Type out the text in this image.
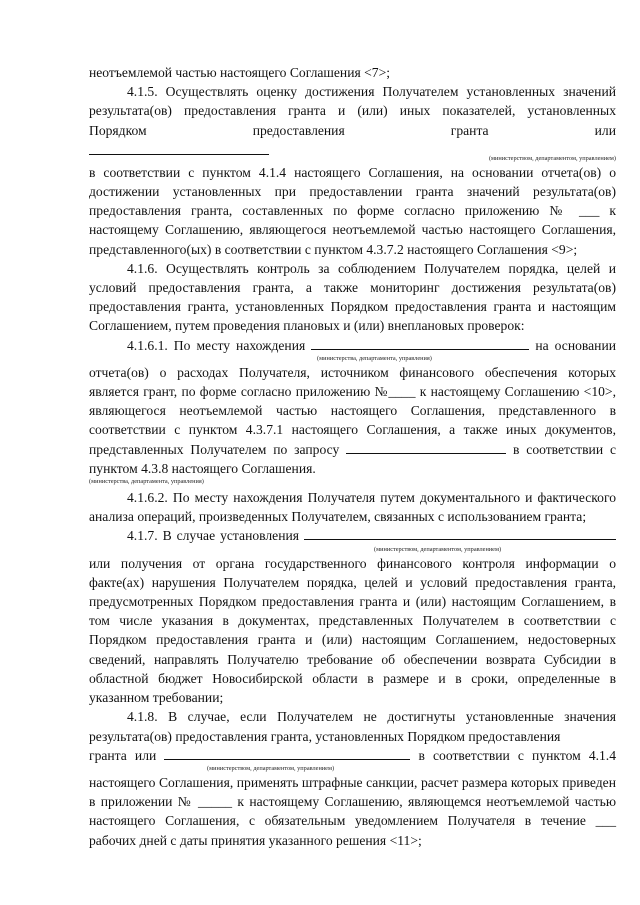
неотъемлемой частью настоящего Соглашения <7>;

4.1.5. Осуществлять оценку достижения Получателем установленных значений результата(ов) предоставления гранта и (или) иных показателей, установленных Порядком предоставления гранта или

(министерством, департаментом, управлением)

в соответствии с пунктом 4.1.4 настоящего Соглашения, на основании отчета(ов) о достижении установленных при предоставлении гранта значений результата(ов) предоставления гранта, составленных по форме согласно приложению № ___ к настоящему Соглашению, являющегося неотъемлемой частью настоящего Соглашения, представленного(ых) в соответствии с пунктом 4.3.7.2 настоящего Соглашения <9>;

4.1.6. Осуществлять контроль за соблюдением Получателем порядка, целей и условий предоставления гранта, а также мониторинг достижения результата(ов) предоставления гранта, установленных Порядком предоставления гранта и настоящим Соглашением, путем проведения плановых и (или) внеплановых проверок:

4.1.6.1. По месту нахождения	на основании

(министерства, департамента, управления)

отчета(ов) о расходах Получателя, источником финансового обеспечения которых является грант, по форме согласно приложению №____ к настоящему Соглашению <10>, являющегося неотъемлемой частью настоящего Соглашения, представленного в соответствии с пунктом 4.3.7.1 настоящего Соглашения, а также иных документов, представленных Получателем по запросу	в соответствии с пунктом 4.3.8 настоящего Соглашения.

(министерства, департамента, управления)

4.1.6.2. По месту нахождения Получателя путем документального и фактического анализа операций, произведенных Получателем, связанных с использованием гранта;

4.1.7. В случае установления

(министерством, департаментом, управлением)

или получения от органа государственного финансового контроля информации о факте(ах) нарушения Получателем порядка, целей и условий предоставления гранта, предусмотренных Порядком предоставления гранта и (или) настоящим Соглашением, в том числе указания в документах, представленных Получателем в соответствии с Порядком предоставления гранта и (или) настоящим Соглашением, недостоверных сведений, направлять Получателю требование об обеспечении возврата Субсидии в областной бюджет Новосибирской области в размере и в сроки, определенные в указанном требовании;

4.1.8. В случае, если Получателем не достигнуты установленные значения результата(ов) предоставления гранта, установленных Порядком предоставления

гранта или	в соответствии с пунктом 4.1.4

(министерством, департаментом, управлением)

настоящего Соглашения, применять штрафные санкции, расчет размера которых приведен в приложении № _____ к настоящему Соглашению, являющемся неотъемлемой частью настоящего Соглашения, с обязательным уведомлением Получателя в течение ___ рабочих дней с даты принятия указанного решения <11>;
